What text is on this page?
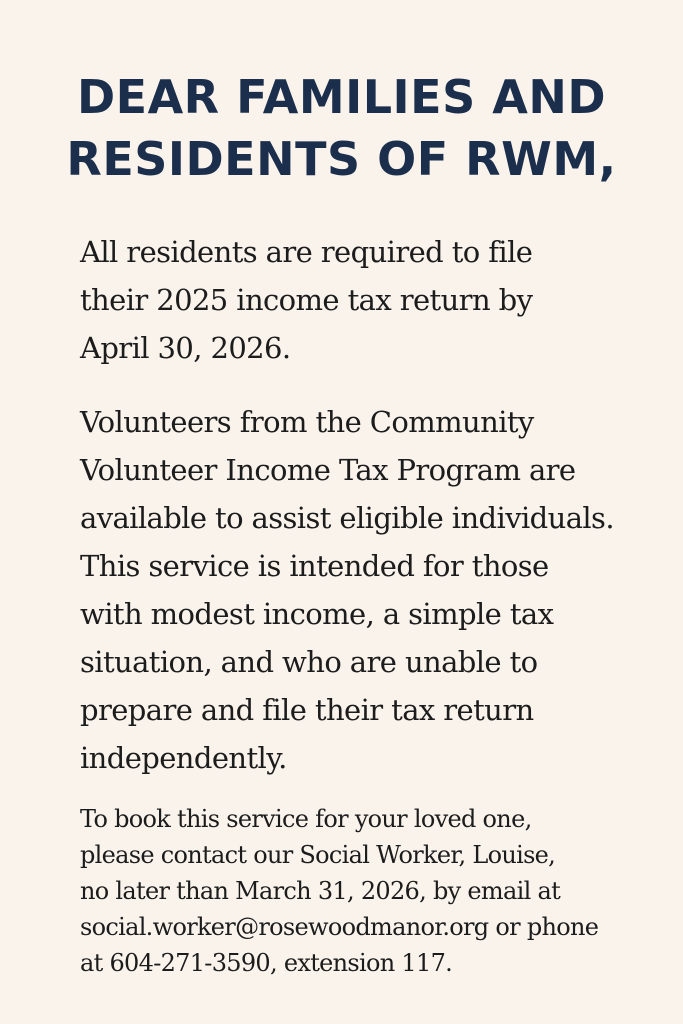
DEAR FAMILIES AND
RESIDENTS OF RWM,

All residents are required to file
their 2025 income tax return by
April 30, 2026.

Volunteers from the Community
Volunteer Income Tax Program are
available to assist eligible individuals.
This service is intended for those
with modest income, a simple tax
situation, and who are unable to
prepare and file their tax return
independently.

To book this service for your loved one,
please contact our Social Worker, Louise,
no later than March 31, 2026, by email at
social.worker@rosewoodmanor.org or phone
at 604-271-3590, extension 117.
